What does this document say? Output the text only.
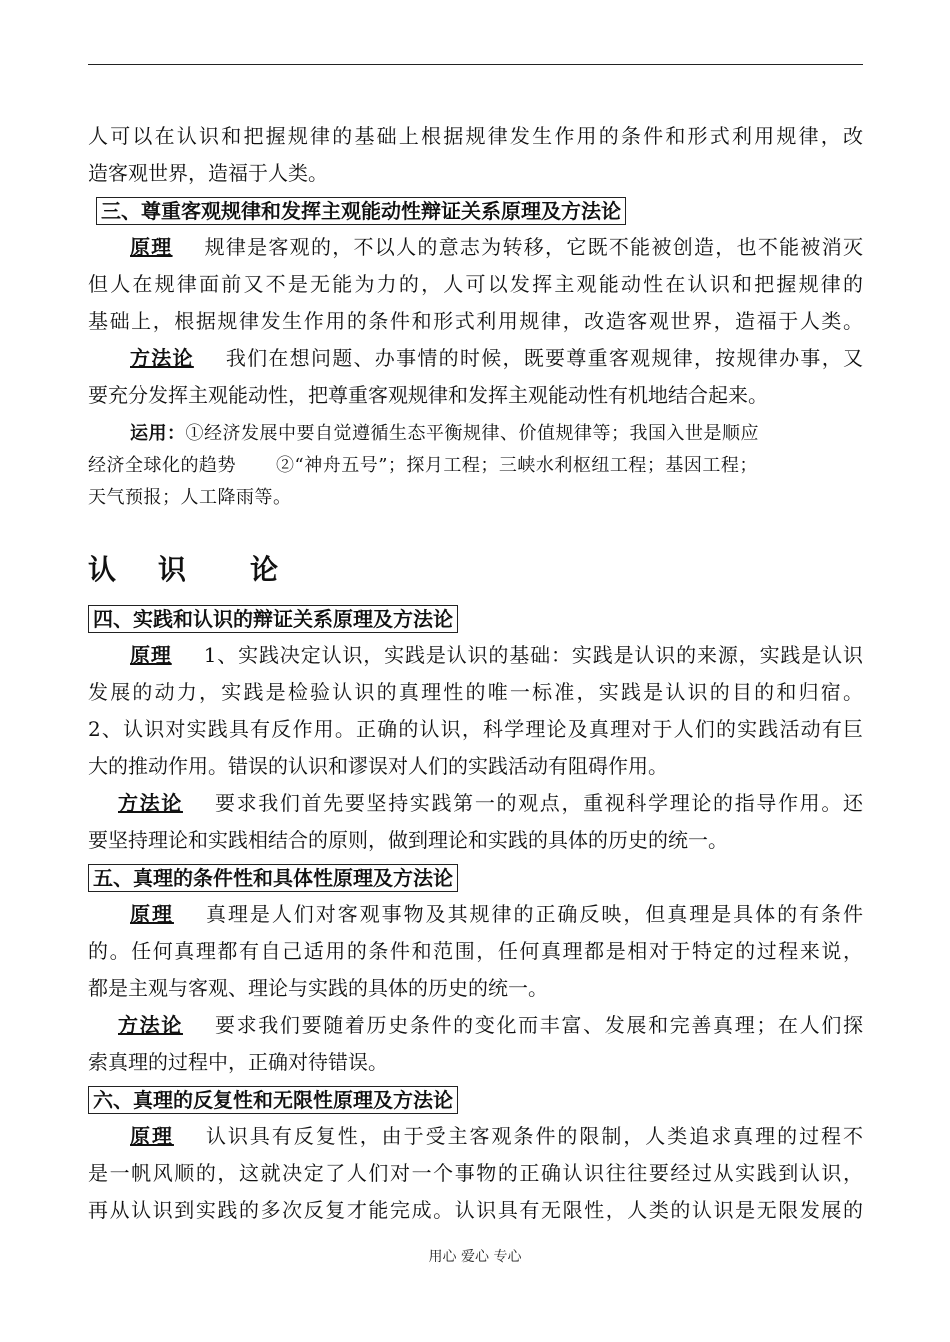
人可以在认识和把握规律的基础上根据规律发生作用的条件和形式利用规律，改
造客观世界，造福于人类。
三、尊重客观规律和发挥主观能动性辩证关系原理及方法论
原理 规律是客观的，不以人的意志为转移，它既不能被创造，也不能被消灭
但人在规律面前又不是无能为力的，人可以发挥主观能动性在认识和把握规律的
基础上，根据规律发生作用的条件和形式利用规律，改造客观世界，造福于人类。
方法论 我们在想问题、办事情的时候，既要尊重客观规律，按规律办事，又
要充分发挥主观能动性，把尊重客观规律和发挥主观能动性有机地结合起来。
运用：①经济发展中要自觉遵循生态平衡规律、价值规律等；我国入世是顺应
经济全球化的趋势 ②“神舟五号”；探月工程；三峡水利枢纽工程；基因工程；
天气预报；人工降雨等。
认 识 论
四、实践和认识的辩证关系原理及方法论
原理 1、实践决定认识，实践是认识的基础：实践是认识的来源，实践是认识
发展的动力，实践是检验认识的真理性的唯一标准，实践是认识的目的和归宿。
2、认识对实践具有反作用。正确的认识，科学理论及真理对于人们的实践活动有巨
大的推动作用。错误的认识和谬误对人们的实践活动有阻碍作用。
方法论 要求我们首先要坚持实践第一的观点，重视科学理论的指导作用。还
要坚持理论和实践相结合的原则，做到理论和实践的具体的历史的统一。
五、真理的条件性和具体性原理及方法论
原理 真理是人们对客观事物及其规律的正确反映，但真理是具体的有条件
的。任何真理都有自己适用的条件和范围，任何真理都是相对于特定的过程来说，
都是主观与客观、理论与实践的具体的历史的统一。
方法论 要求我们要随着历史条件的变化而丰富、发展和完善真理；在人们探
索真理的过程中，正确对待错误。
六、真理的反复性和无限性原理及方法论
原理 认识具有反复性，由于受主客观条件的限制，人类追求真理的过程不
是一帆风顺的，这就决定了人们对一个事物的正确认识往往要经过从实践到认识，
再从认识到实践的多次反复才能完成。认识具有无限性，人类的认识是无限发展的
用心 爱心 专心
